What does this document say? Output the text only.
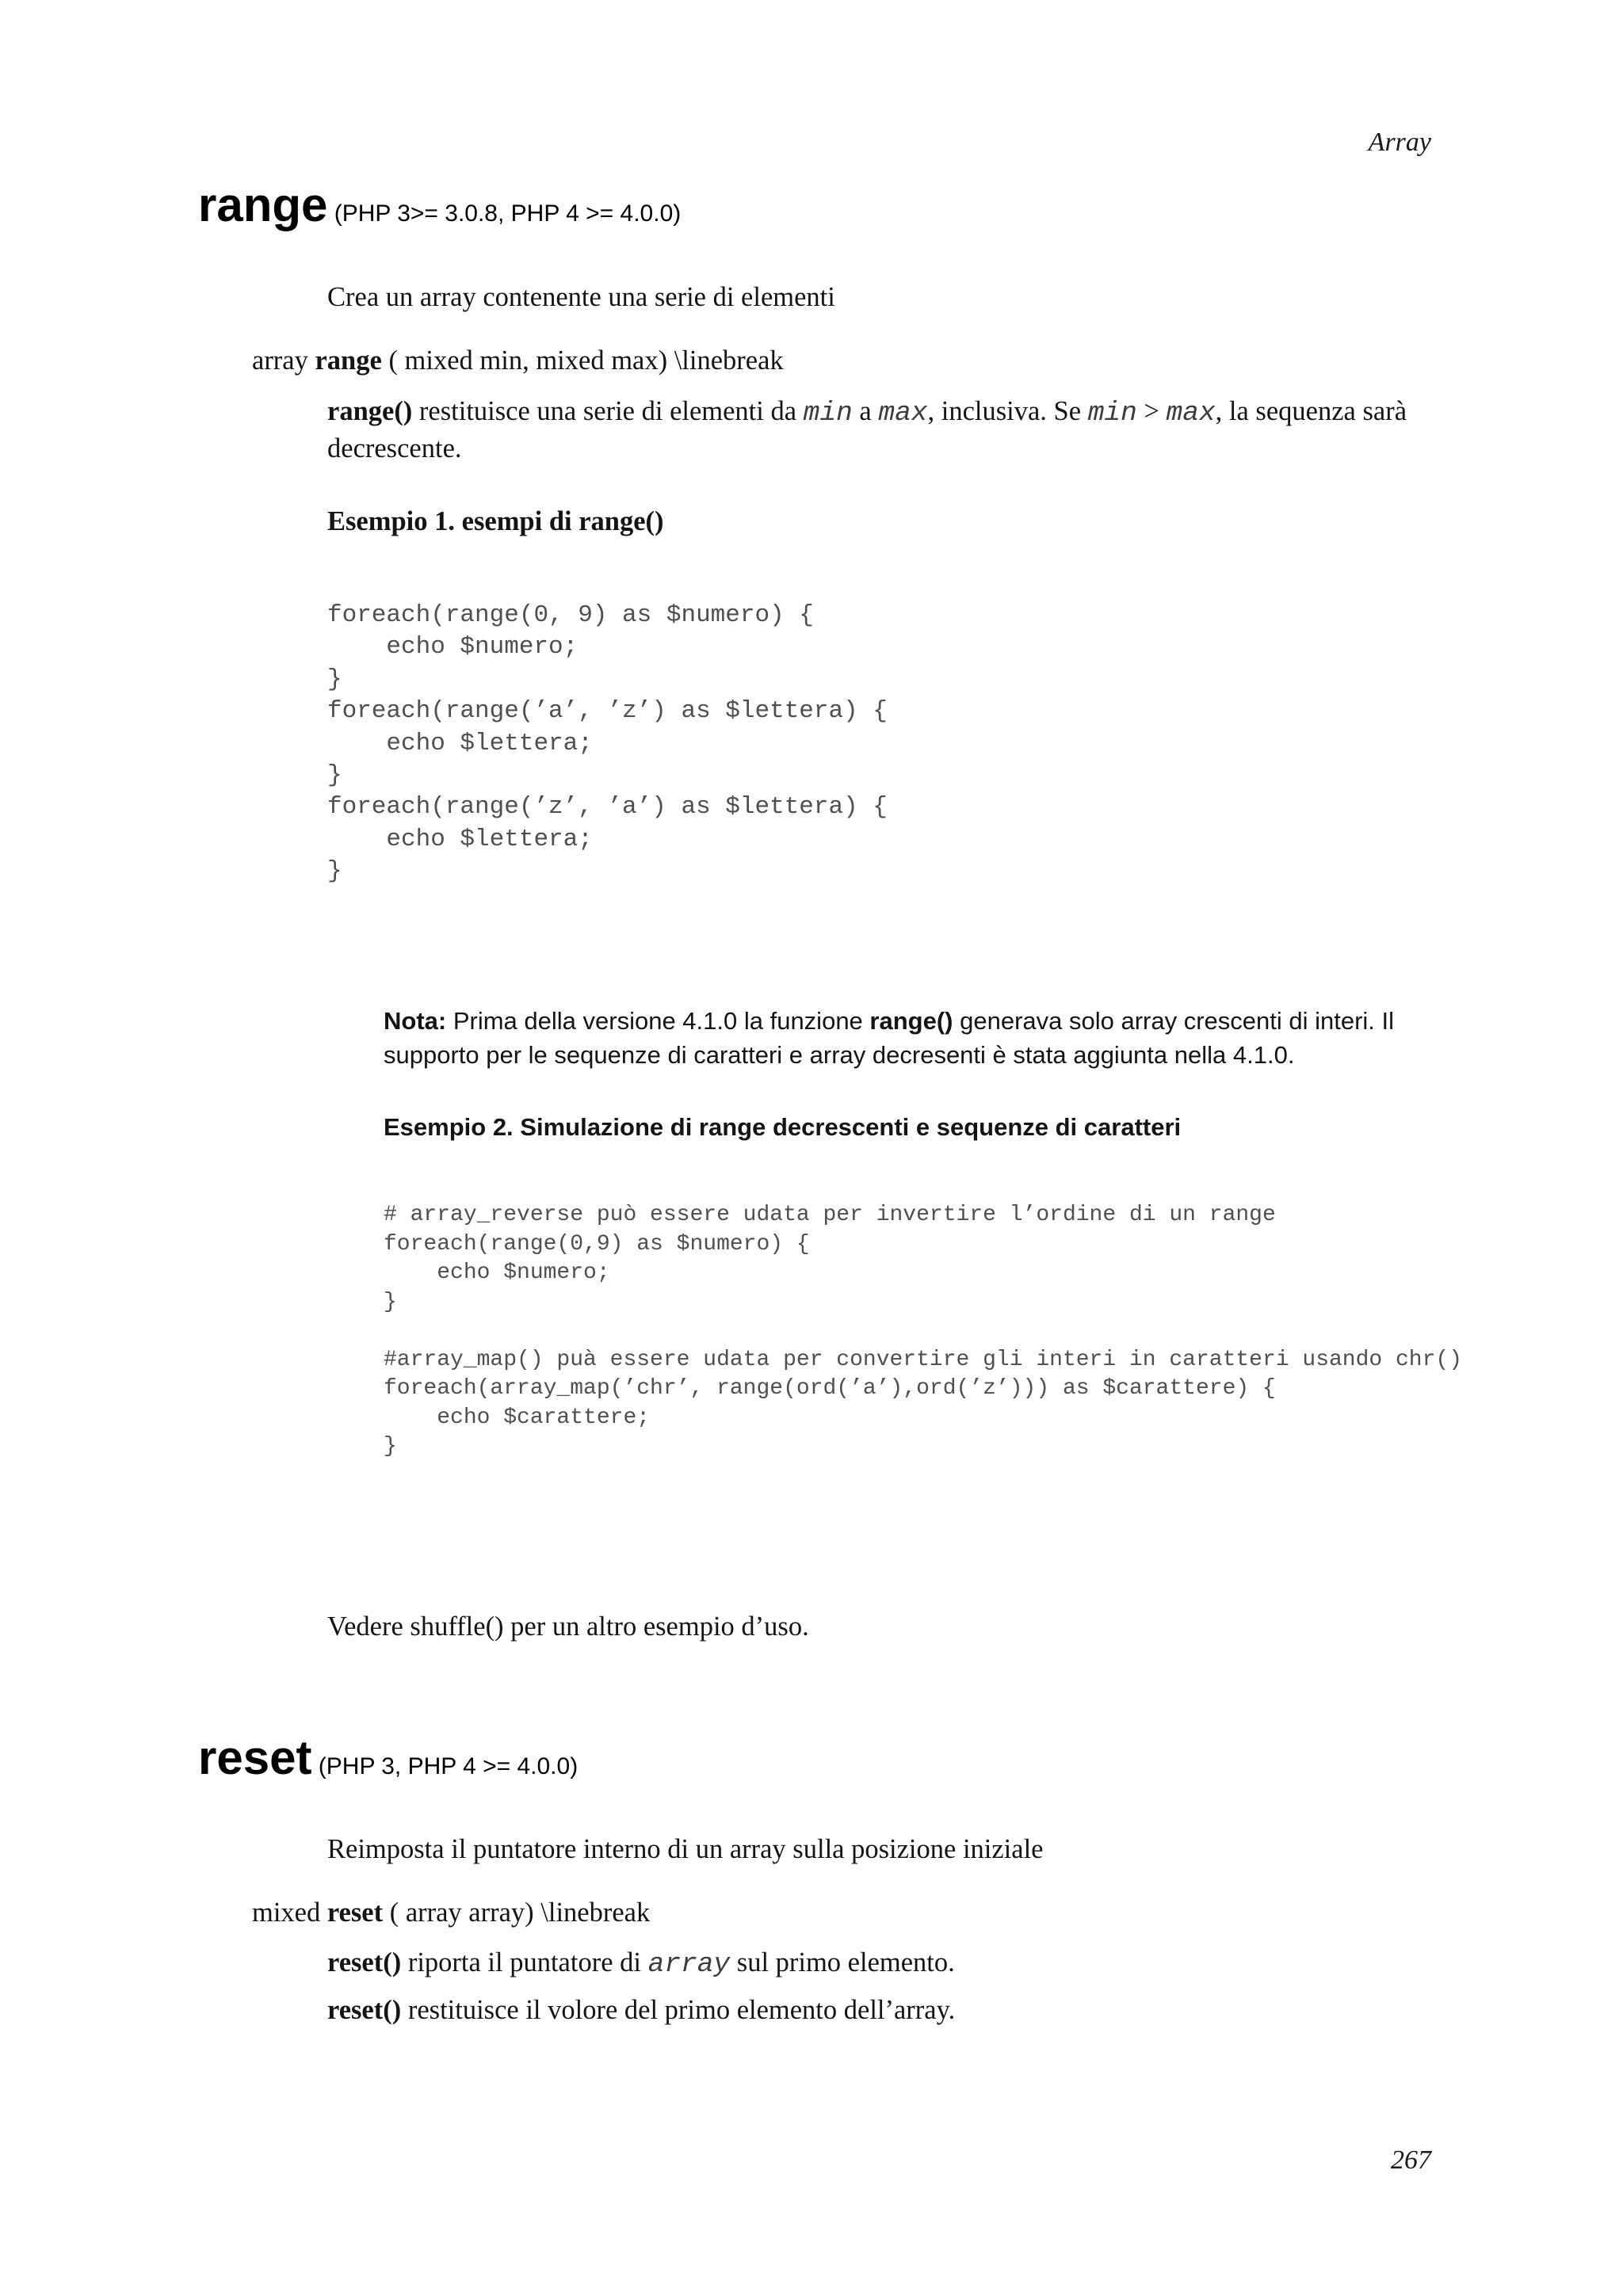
Array
range (PHP 3>= 3.0.8, PHP 4 >= 4.0.0)
Crea un array contenente una serie di elementi
array range ( mixed min, mixed max) \linebreak
range() restituisce una serie di elementi da min a max, inclusiva. Se min > max, la sequenza sarà
decrescente.
Esempio 1. esempi di range()
foreach(range(0, 9) as $numero) {
echo $numero;
}
foreach(range(’a’, ’z’) as $lettera) {
echo $lettera;
}
foreach(range(’z’, ’a’) as $lettera) {
echo $lettera;
}
Nota: Prima della versione 4.1.0 la funzione range() generava solo array crescenti di interi. Il
supporto per le sequenze di caratteri e array decresenti è stata aggiunta nella 4.1.0.
Esempio 2. Simulazione di range decrescenti e sequenze di caratteri
# array_reverse può essere udata per invertire l’ordine di un range
foreach(range(0,9) as $numero) {
echo $numero;
}
#array_map() puà essere udata per convertire gli interi in caratteri usando chr()
foreach(array_map(’chr’, range(ord(’a’),ord(’z’))) as $carattere) {
echo $carattere;
}
Vedere shuffle() per un altro esempio d’uso.
reset (PHP 3, PHP 4 >= 4.0.0)
Reimposta il puntatore interno di un array sulla posizione iniziale
mixed reset ( array array) \linebreak
reset() riporta il puntatore di array sul primo elemento.
reset() restituisce il volore del primo elemento dell’array.
267
